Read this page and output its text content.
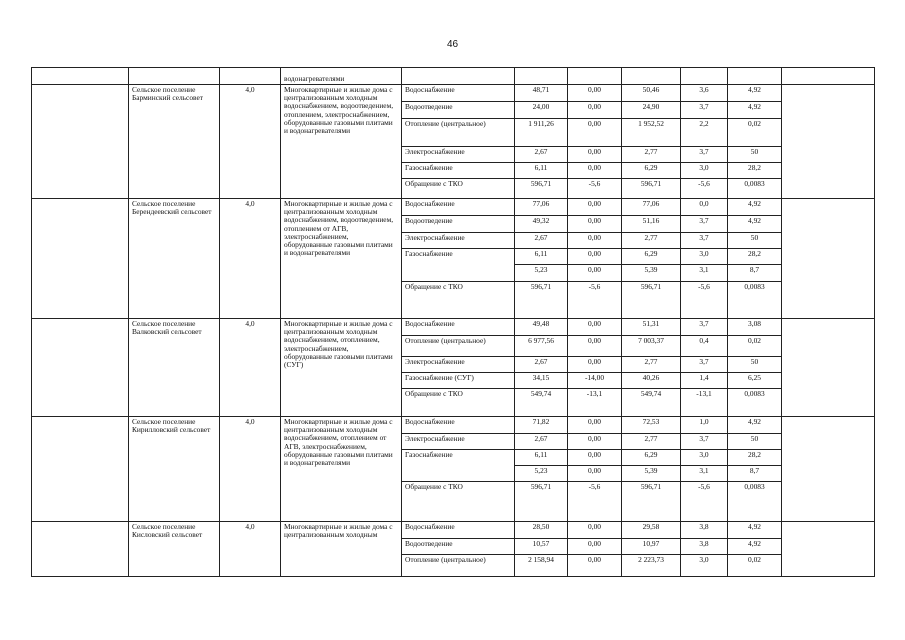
46
			водонагревателями							
	Сельское поселение Барминский сельсовет	4,0	Многоквартирные и жилые дома с централизованным холодным водоснабжением, водоотведением, отоплением, электроснабжением, оборудованные газовыми плитами и водонагревателями	Водоснабжение	48,71	0,00	50,46	3,6	4,92	
				Водоотведение	24,00	0,00	24,90	3,7	4,92	
				Отопление (центральное)	1 911,26	0,00	1 952,52	2,2	0,02	
				Электроснабжение	2,67	0,00	2,77	3,7	50	
				Газоснабжение	6,11	0,00	6,29	3,0	28,2	
				Обращение с ТКО	596,71	-5,6	596,71	-5,6	0,0083	
	Сельское поселение Берендеевский сельсовет	4,0	Многоквартирные и жилые дома с централизованным холодным водоснабжением, водоотведением, отоплением от АГВ, электроснабжением, оборудованные газовыми плитами и водонагревателями	Водоснабжение	77,06	0,00	77,06	0,0	4,92	
				Водоотведение	49,32	0,00	51,16	3,7	4,92	
				Электроснабжение	2,67	0,00	2,77	3,7	50	
				Газоснабжение	6,11	0,00	6,29	3,0	28,2	
					5,23	0,00	5,39	3,1	8,7	
				Обращение с ТКО	596,71	-5,6	596,71	-5,6	0,0083	
	Сельское поселение Валковский сельсовет	4,0	Многоквартирные и жилые дома с централизованным холодным водоснабжением, отоплением, электроснабжением, оборудованные газовыми плитами (СУГ)	Водоснабжение	49,48	0,00	51,31	3,7	3,08	
				Отопление (центральное)	6 977,56	0,00	7 003,37	0,4	0,02	
				Электроснабжение	2,67	0,00	2,77	3,7	50	
				Газоснабжение (СУГ)	34,15	-14,00	40,26	1,4	6,25	
				Обращение с ТКО	549,74	-13,1	549,74	-13,1	0,0083	
	Сельское поселение Кирилловский сельсовет	4,0	Многоквартирные и жилые дома с централизованным холодным водоснабжением, отоплением от АГВ, электроснабжением, оборудованные газовыми плитами и водонагревателями	Водоснабжение	71,82	0,00	72,53	1,0	4,92	
				Электроснабжение	2,67	0,00	2,77	3,7	50	
				Газоснабжение	6,11	0,00	6,29	3,0	28,2	
					5,23	0,00	5,39	3,1	8,7	
				Обращение с ТКО	596,71	-5,6	596,71	-5,6	0,0083	
	Сельское поселение Кисловский сельсовет	4,0	Многоквартирные и жилые дома с централизованным холодным	Водоснабжение	28,50	0,00	29,58	3,8	4,92	
				Водоотведение	10,57	0,00	10,97	3,8	4,92	
				Отопление (центральное)	2 158,94	0,00	2 223,73	3,0	0,02	
